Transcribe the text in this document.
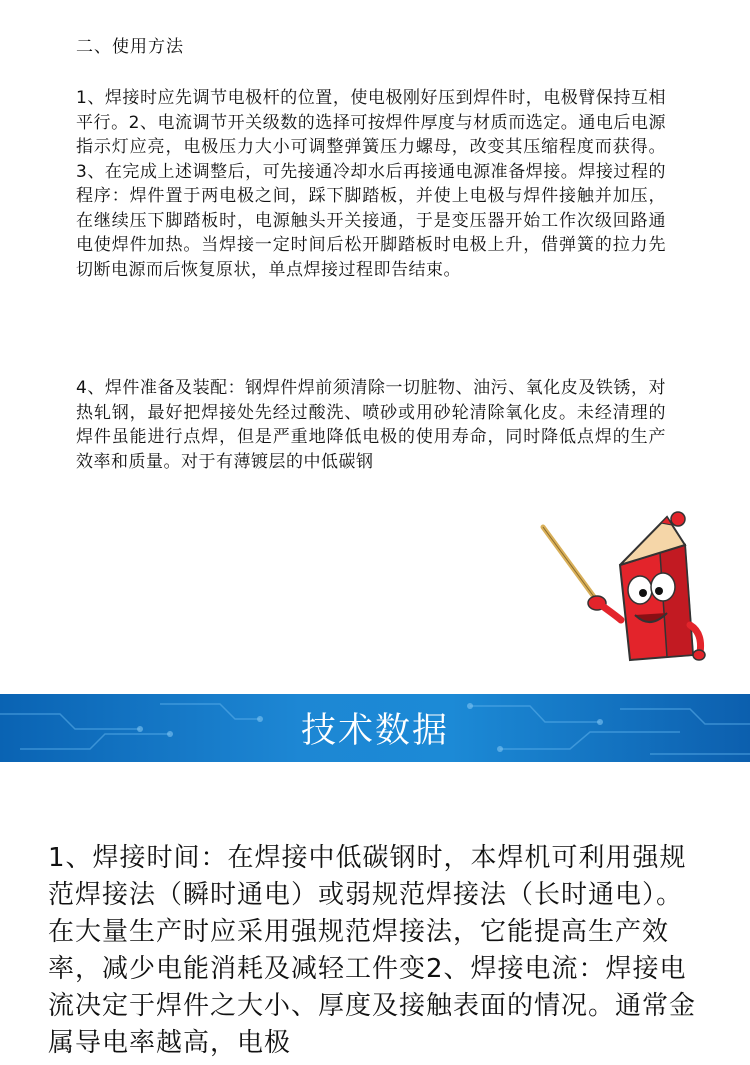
二、使用方法
1、焊接时应先调节电极杆的位置，使电极刚好压到焊件时，电极臂保持互相平行。2、电流调节开关级数的选择可按焊件厚度与材质而选定。通电后电源指示灯应亮，电极压力大小可调整弹簧压力螺母，改变其压缩程度而获得。3、在完成上述调整后，可先接通冷却水后再接通电源准备焊接。焊接过程的程序：焊件置于两电极之间，踩下脚踏板，并使上电极与焊件接触并加压，在继续压下脚踏板时，电源触头开关接通，于是变压器开始工作次级回路通电使焊件加热。当焊接一定时间后松开脚踏板时电极上升，借弹簧的拉力先切断电源而后恢复原状，单点焊接过程即告结束。
4、焊件准备及装配：钢焊件焊前须清除一切脏物、油污、氧化皮及铁锈，对热轧钢，最好把焊接处先经过酸洗、喷砂或用砂轮清除氧化皮。未经清理的焊件虽能进行点焊，但是严重地降低电极的使用寿命，同时降低点焊的生产效率和质量。对于有薄镀层的中低碳钢
技术数据
1、焊接时间：在焊接中低碳钢时，本焊机可利用强规范焊接法（瞬时通电）或弱规范焊接法（长时通电）。在大量生产时应采用强规范焊接法，它能提高生产效率，减少电能消耗及减轻工件变2、焊接电流：焊接电流决定于焊件之大小、厚度及接触表面的情况。通常金属导电率越高，电极
